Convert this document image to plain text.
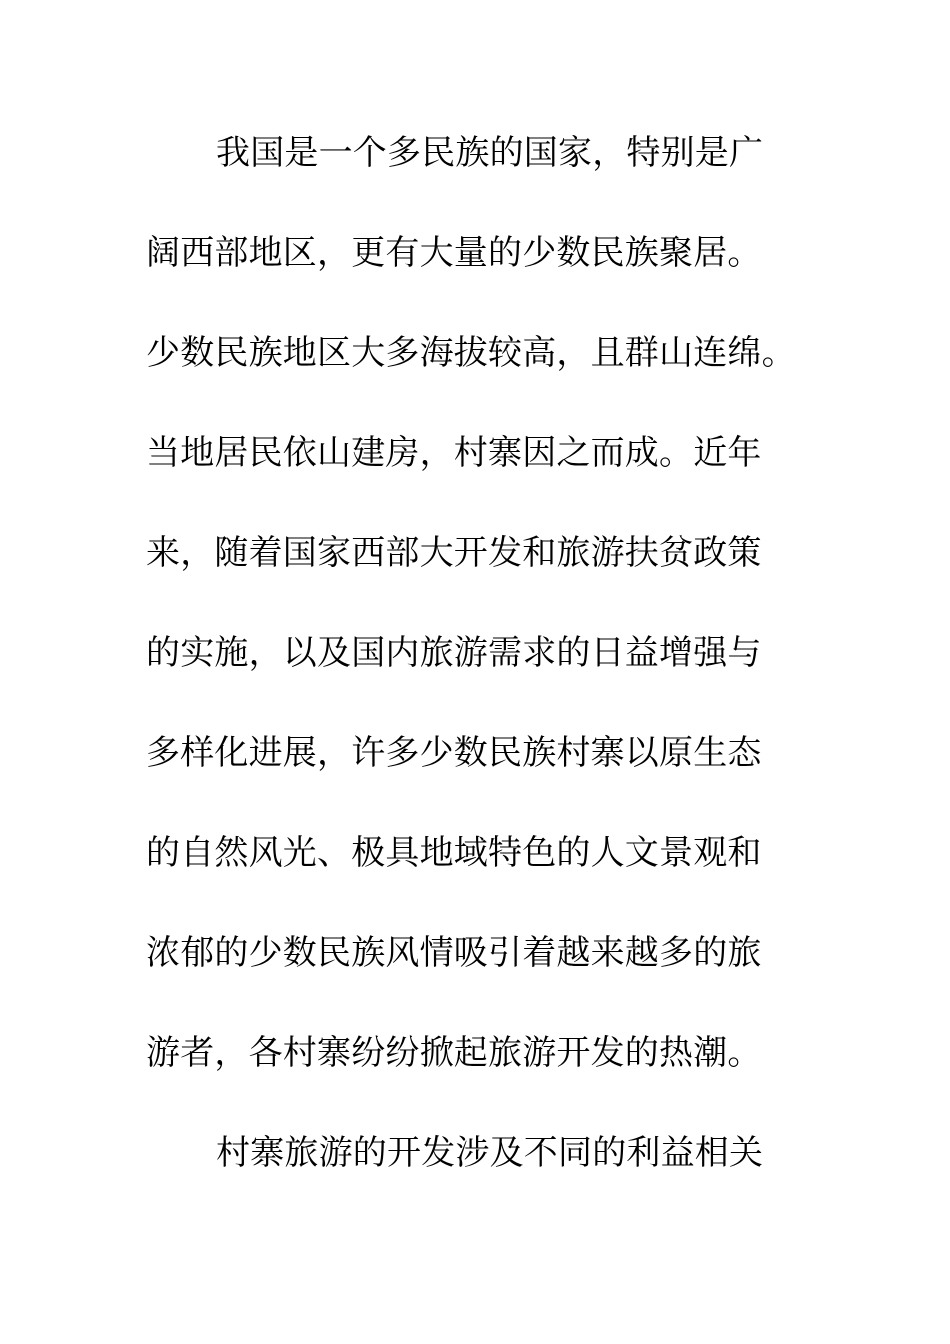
我国是一个多民族的国家，特别是广
阔西部地区，更有大量的少数民族聚居。
少数民族地区大多海拔较高，且群山连绵。
当地居民依山建房，村寨因之而成。近年
来，随着国家西部大开发和旅游扶贫政策
的实施，以及国内旅游需求的日益增强与
多样化进展，许多少数民族村寨以原生态
的自然风光、极具地域特色的人文景观和
浓郁的少数民族风情吸引着越来越多的旅
游者，各村寨纷纷掀起旅游开发的热潮。
村寨旅游的开发涉及不同的利益相关
